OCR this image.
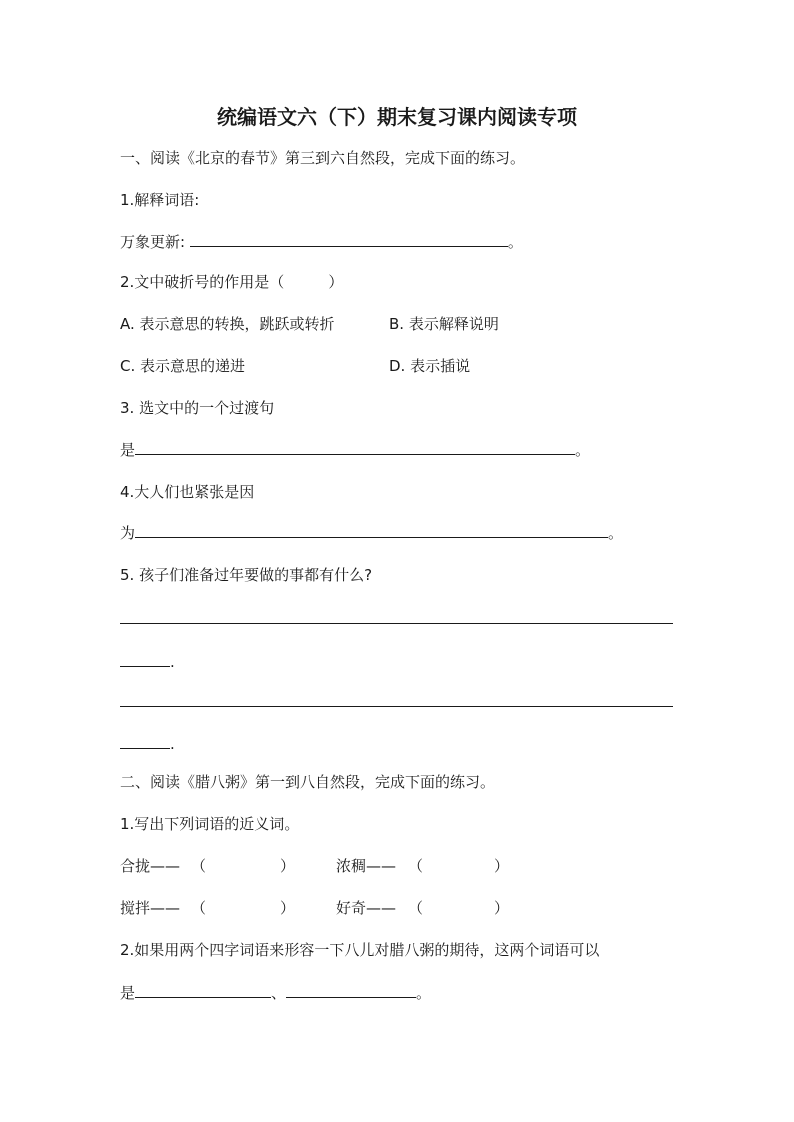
统编语文六（下）期末复习课内阅读专项
一、阅读《北京的春节》第三到六自然段，完成下面的练习。
1.解释词语:
万象更新:	。
2.文中破折号的作用是（	）
A. 表示意思的转换，跳跃或转折	B. 表示解释说明
C. 表示意思的递进	D. 表示插说
3. 选文中的一个过渡句
是	。
4.大人们也紧张是因
为	。
5. 孩子们准备过年要做的事都有什么?
.
.
二、阅读《腊八粥》第一到八自然段，完成下面的练习。
1.写出下列词语的近义词。
合拢—— （	）	浓稠—— （	）
搅拌—— （	）	好奇—— （	）
2.如果用两个四字词语来形容一下八儿对腊八粥的期待，这两个词语可以
是	、	。
